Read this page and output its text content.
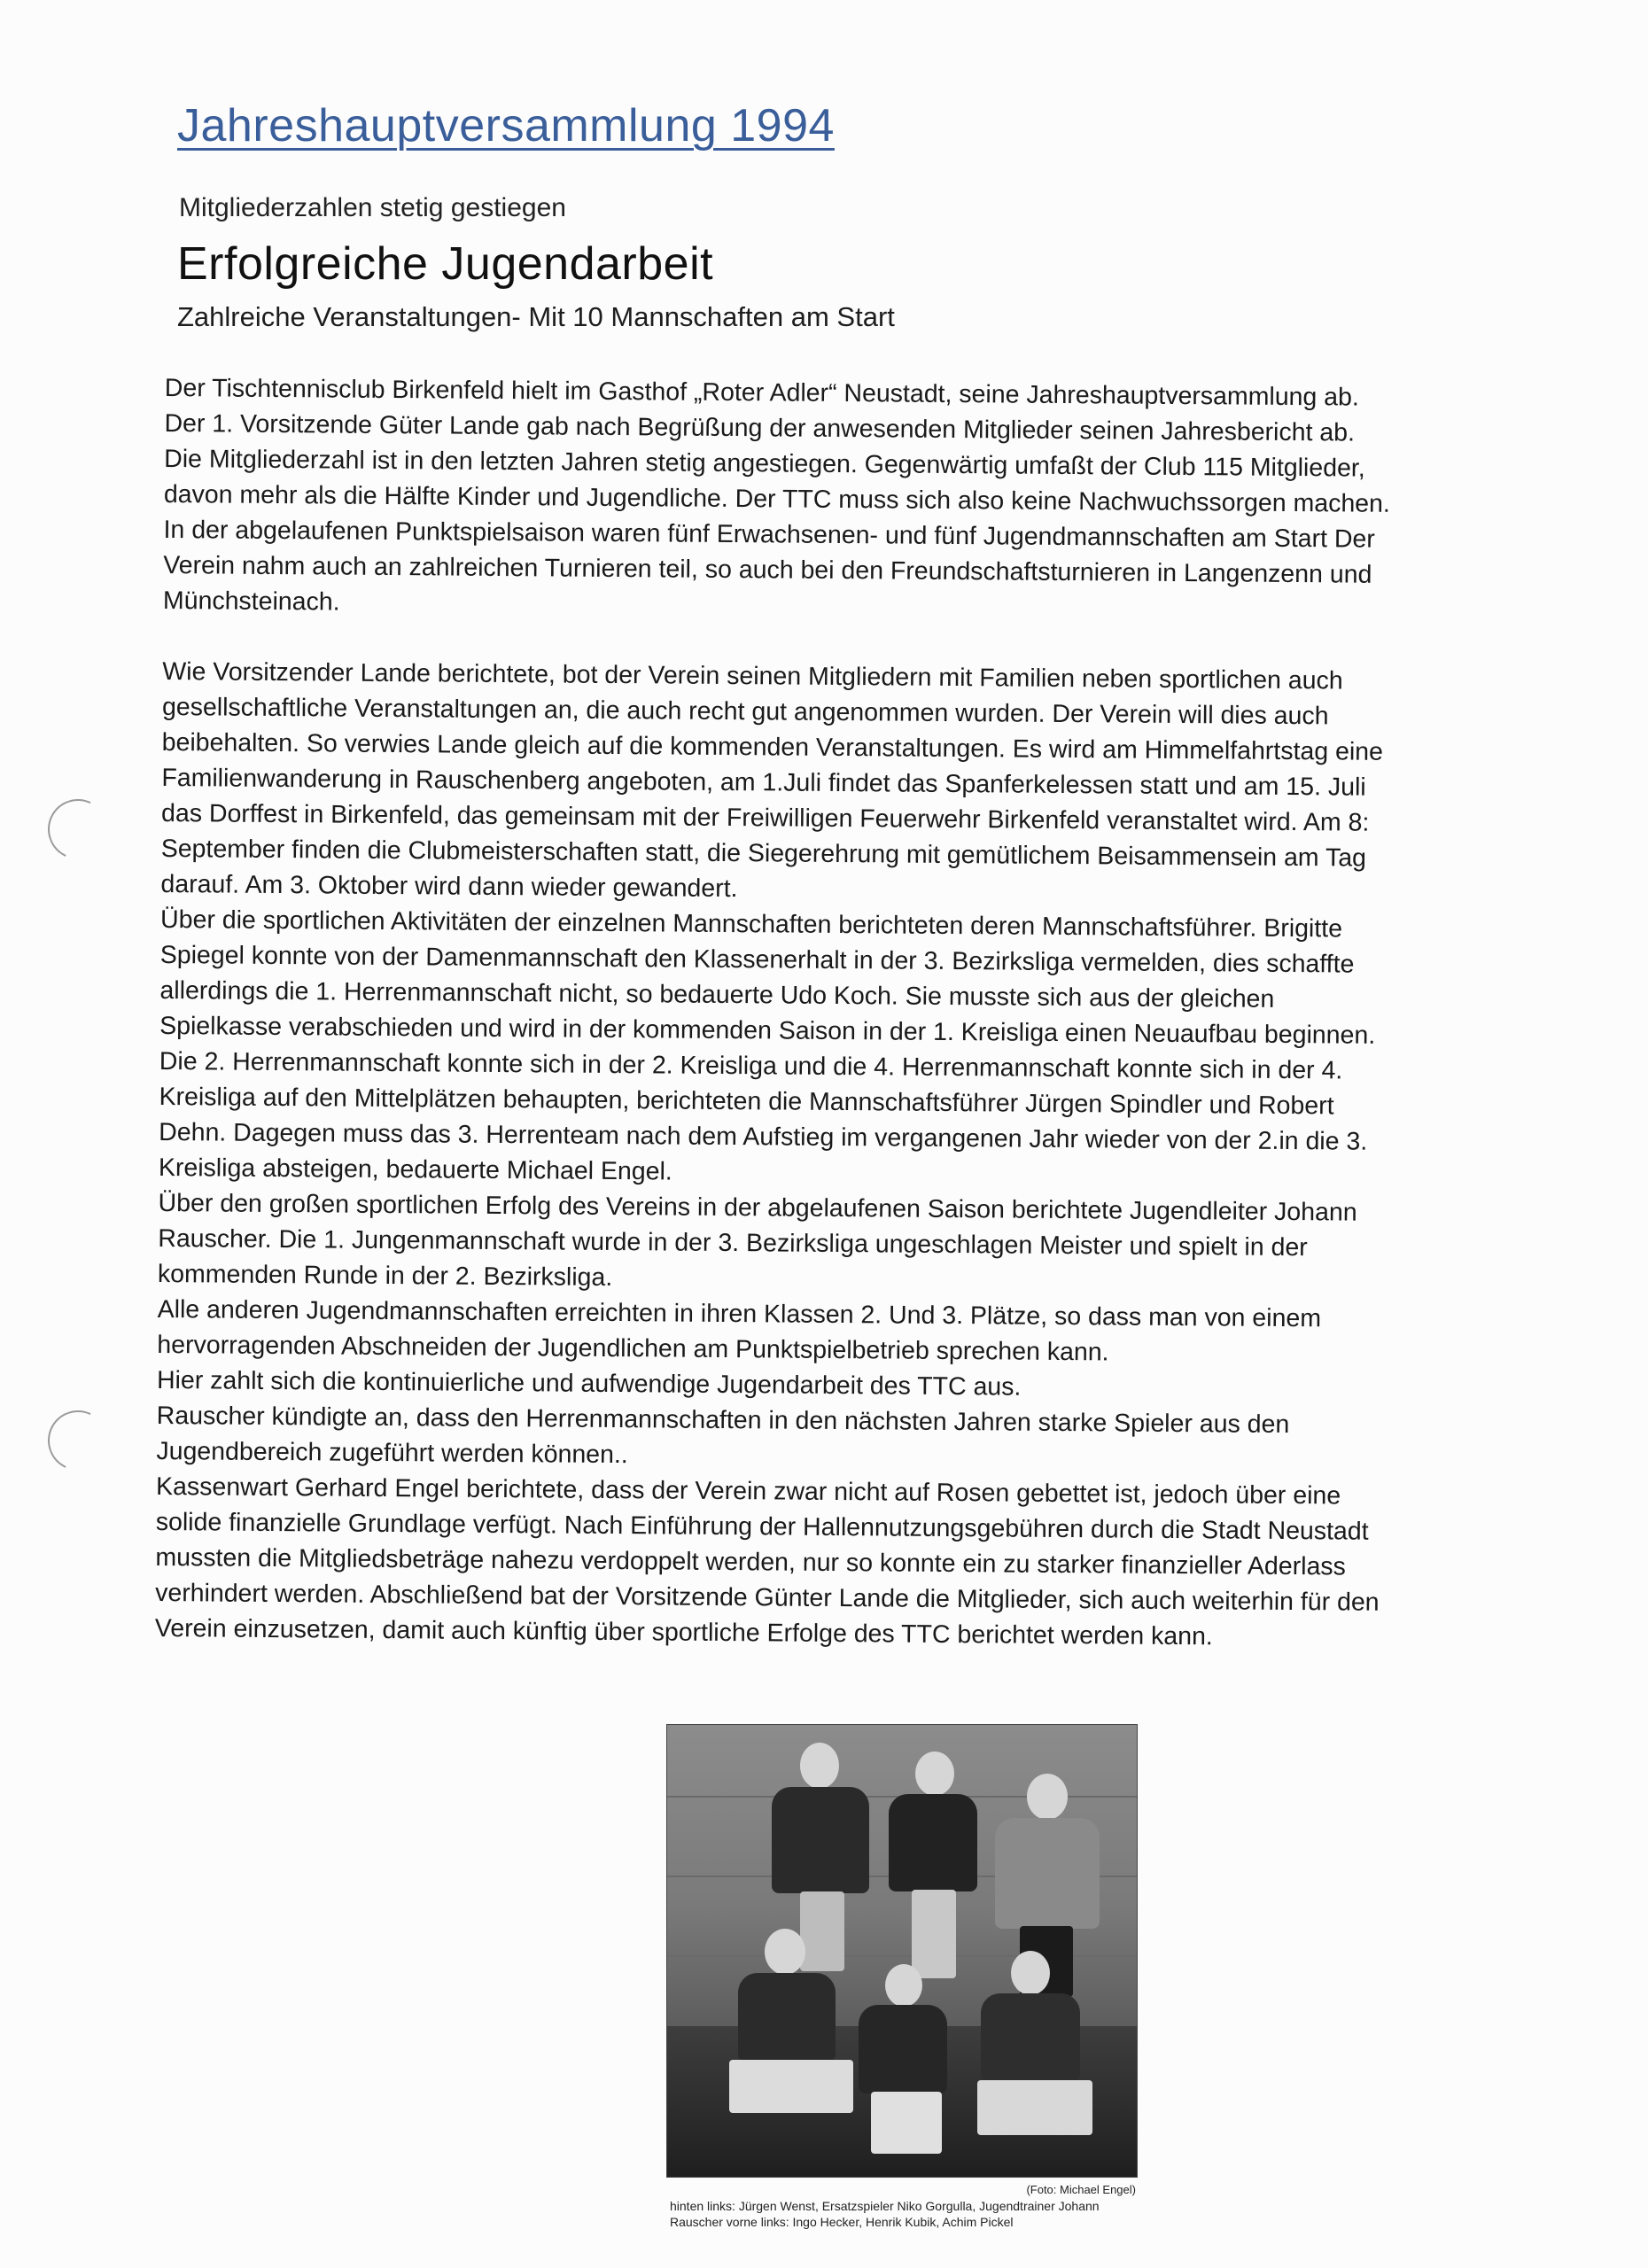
Jahreshauptversammlung 1994
Mitgliederzahlen stetig gestiegen
Erfolgreiche Jugendarbeit
Zahlreiche Veranstaltungen- Mit 10 Mannschaften am Start

Der Tischtennisclub Birkenfeld hielt im Gasthof „Roter Adler“ Neustadt, seine Jahreshauptversammlung ab. Der 1. Vorsitzende Güter Lande gab nach Begrüßung der anwesenden Mitglieder seinen Jahresbericht ab. Die Mitgliederzahl ist in den letzten Jahren stetig angestiegen. Gegenwärtig umfaßt der Club 115 Mitglieder, davon mehr als die Hälfte Kinder und Jugendliche. Der TTC muss sich also keine Nachwuchssorgen machen. In der abgelaufenen Punktspielsaison waren fünf Erwachsenen- und fünf Jugendmannschaften am Start Der Verein nahm auch an zahlreichen Turnieren teil, so auch bei den Freundschaftsturnieren in Langenzenn und Münchsteinach.

Wie Vorsitzender Lande berichtete, bot der Verein seinen Mitgliedern mit Familien neben sportlichen auch gesellschaftliche Veranstaltungen an, die auch recht gut angenommen wurden. Der Verein will dies auch beibehalten. So verwies Lande gleich auf die kommenden Veranstaltungen. Es wird am Himmelfahrtstag eine Familienwanderung in Rauschenberg angeboten, am 1.Juli findet das Spanferkelessen statt und am 15. Juli das Dorffest in Birkenfeld, das gemeinsam mit der Freiwilligen Feuerwehr Birkenfeld veranstaltet wird. Am 8: September finden die Clubmeisterschaften statt, die Siegerehrung mit gemütlichem Beisammensein am Tag darauf. Am 3. Oktober wird dann wieder gewandert.

Über die sportlichen Aktivitäten der einzelnen Mannschaften berichteten deren Mannschaftsführer. Brigitte Spiegel konnte von der Damenmannschaft den Klassenerhalt in der 3. Bezirksliga vermelden, dies schaffte allerdings die 1. Herrenmannschaft nicht, so bedauerte Udo Koch. Sie musste sich aus der gleichen Spielkasse verabschieden und wird in der kommenden Saison in der 1. Kreisliga einen Neuaufbau beginnen. Die 2. Herrenmannschaft konnte sich in der 2. Kreisliga und die 4. Herrenmannschaft konnte sich in der 4. Kreisliga auf den Mittelplätzen behaupten, berichteten die Mannschaftsführer Jürgen Spindler und Robert Dehn. Dagegen muss das 3. Herrenteam nach dem Aufstieg im vergangenen Jahr wieder von der 2.in die 3. Kreisliga absteigen, bedauerte Michael Engel.

Über den großen sportlichen Erfolg des Vereins in der abgelaufenen Saison berichtete Jugendleiter Johann Rauscher. Die 1. Jungenmannschaft wurde in der 3. Bezirksliga ungeschlagen Meister und spielt in der kommenden Runde in der 2. Bezirksliga.

Alle anderen Jugendmannschaften erreichten in ihren Klassen 2. Und 3. Plätze, so dass man von einem hervorragenden Abschneiden der Jugendlichen am Punktspielbetrieb sprechen kann.

Hier zahlt sich die kontinuierliche und aufwendige Jugendarbeit des TTC aus.

Rauscher kündigte an, dass den Herrenmannschaften in den nächsten Jahren starke Spieler aus den Jugendbereich zugeführt werden können..

Kassenwart Gerhard Engel berichtete, dass der Verein zwar nicht auf Rosen gebettet ist, jedoch über eine solide finanzielle Grundlage verfügt. Nach Einführung der Hallennutzungsgebühren durch die Stadt Neustadt mussten die Mitgliedsbeträge nahezu verdoppelt werden, nur so konnte ein zu starker finanzieller Aderlass verhindert werden. Abschließend bat der Vorsitzende Günter Lande die Mitglieder, sich auch weiterhin für den Verein einzusetzen, damit auch künftig über sportliche Erfolge des TTC berichtet werden kann.

(Foto: Michael Engel)
hinten links: Jürgen Wenst, Ersatzspieler Niko Gorgulla, Jugendtrainer Johann Rauscher vorne links: Ingo Hecker, Henrik Kubik, Achim Pickel
